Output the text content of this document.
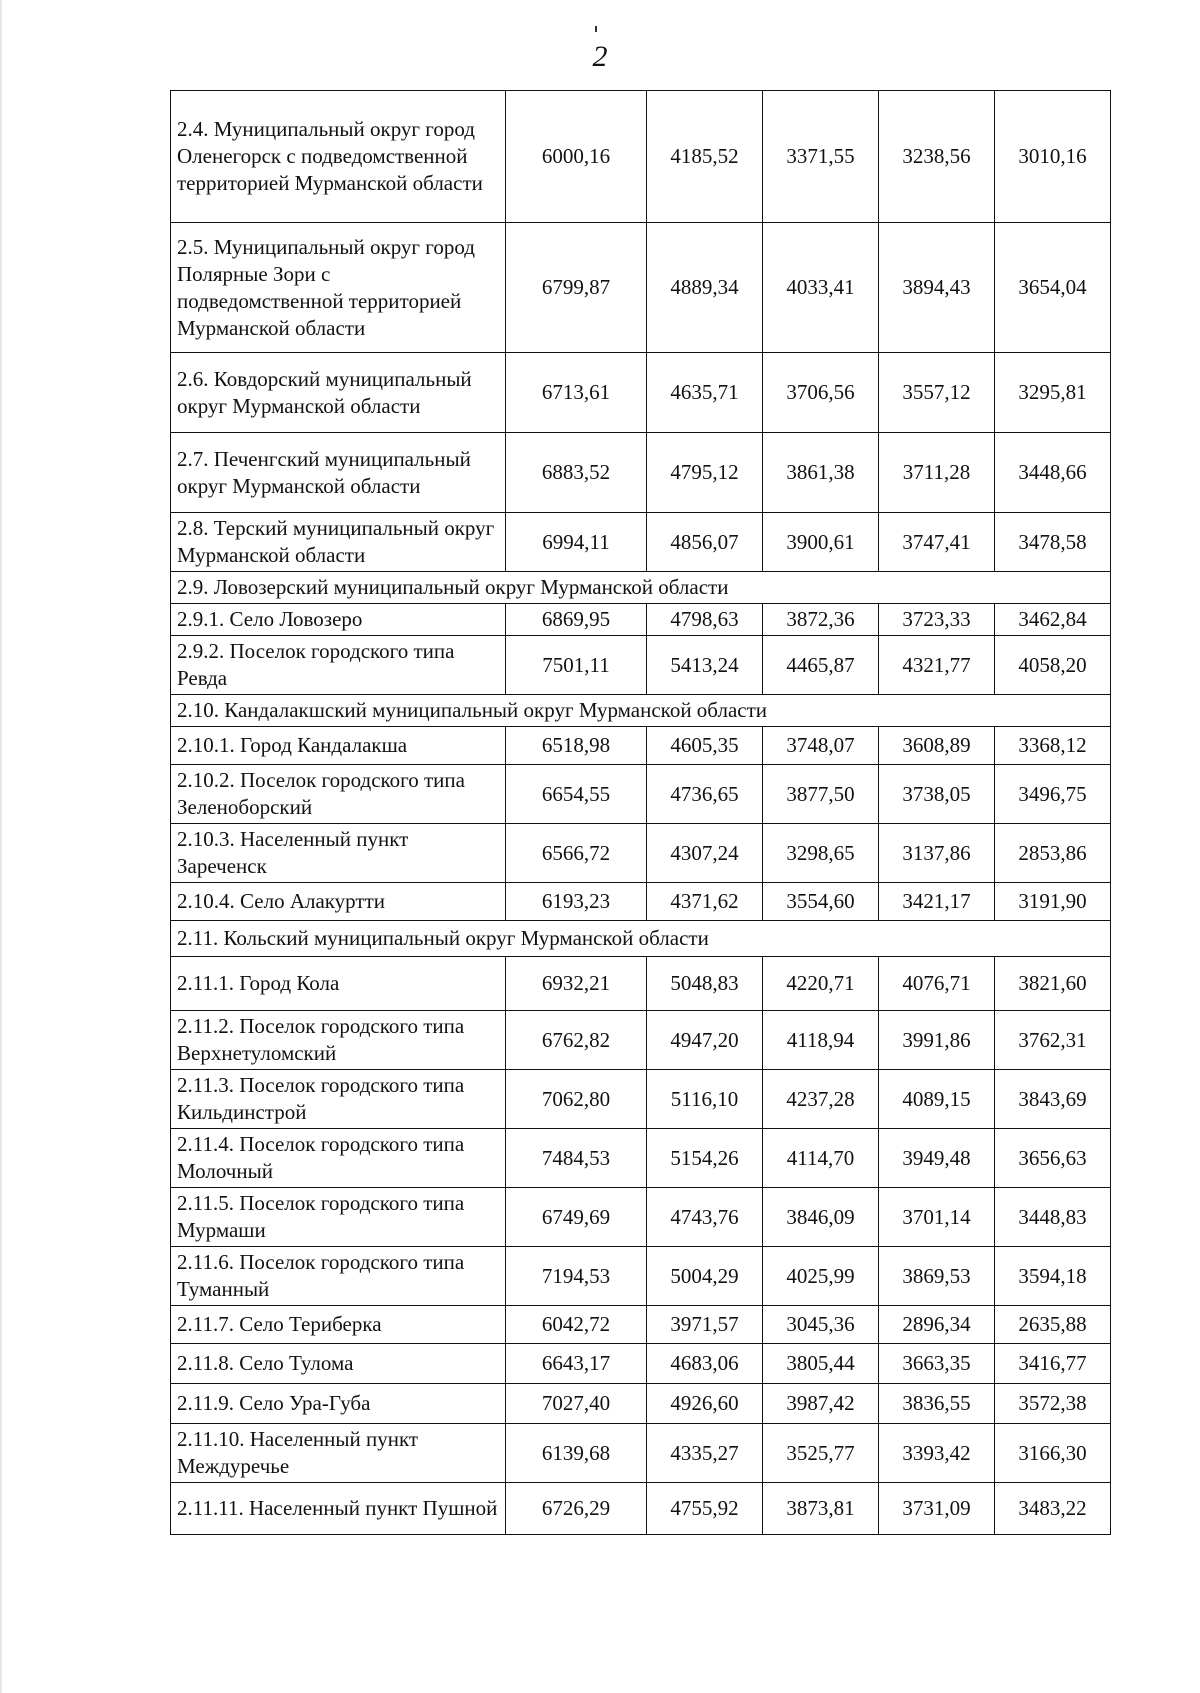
2
2.4. Муниципальный округ город Оленегорск с подведомственной территорией Мурманской области	6000,16	4185,52	3371,55	3238,56	3010,16
2.5. Муниципальный округ город Полярные Зори с подведомственной территорией Мурманской области	6799,87	4889,34	4033,41	3894,43	3654,04
2.6. Ковдорский муниципальный округ Мурманской области	6713,61	4635,71	3706,56	3557,12	3295,81
2.7. Печенгский муниципальный округ Мурманской области	6883,52	4795,12	3861,38	3711,28	3448,66
2.8. Терский муниципальный округ Мурманской области	6994,11	4856,07	3900,61	3747,41	3478,58
2.9. Ловозерский муниципальный округ Мурманской области					
2.9.1. Село Ловозеро	6869,95	4798,63	3872,36	3723,33	3462,84
2.9.2. Поселок городского типа Ревда	7501,11	5413,24	4465,87	4321,77	4058,20
2.10. Кандалакшский муниципальный округ Мурманской области					
2.10.1. Город Кандалакша	6518,98	4605,35	3748,07	3608,89	3368,12
2.10.2. Поселок городского типа Зеленоборский	6654,55	4736,65	3877,50	3738,05	3496,75
2.10.3. Населенный пункт Зареченск	6566,72	4307,24	3298,65	3137,86	2853,86
2.10.4. Село Алакуртти	6193,23	4371,62	3554,60	3421,17	3191,90
2.11. Кольский муниципальный округ Мурманской области					
2.11.1. Город Кола	6932,21	5048,83	4220,71	4076,71	3821,60
2.11.2. Поселок городского типа Верхнетуломский	6762,82	4947,20	4118,94	3991,86	3762,31
2.11.3. Поселок городского типа Кильдинстрой	7062,80	5116,10	4237,28	4089,15	3843,69
2.11.4. Поселок городского типа Молочный	7484,53	5154,26	4114,70	3949,48	3656,63
2.11.5. Поселок городского типа Мурмаши	6749,69	4743,76	3846,09	3701,14	3448,83
2.11.6. Поселок городского типа Туманный	7194,53	5004,29	4025,99	3869,53	3594,18
2.11.7. Село Териберка	6042,72	3971,57	3045,36	2896,34	2635,88
2.11.8. Село Тулома	6643,17	4683,06	3805,44	3663,35	3416,77
2.11.9. Село Ура-Губа	7027,40	4926,60	3987,42	3836,55	3572,38
2.11.10. Населенный пункт Междуречье	6139,68	4335,27	3525,77	3393,42	3166,30
2.11.11. Населенный пункт Пушной	6726,29	4755,92	3873,81	3731,09	3483,22
